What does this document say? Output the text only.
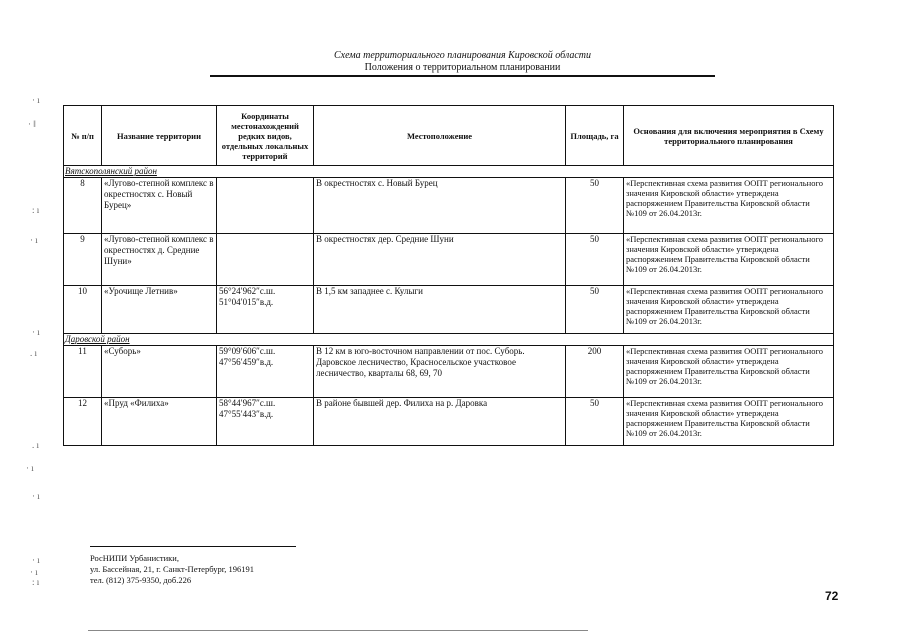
Схема территориального планирования Кировской области
Положения о территориальном планировании
· ı
· ‖
: ı
· ı
· ı
. ı
. ı
· ı
· ı
· ı
· ı
: ı
№ п/п	Название территории	Координаты местонахождений редких видов, отдельных локальных территорий	Местоположение	Площадь, га	Основания для включения мероприятия в Схему территориального планирования
Вятскополянский район					
8	«Лугово-степной комплекс в окрестностях с. Новый Бурец»		В окрестностях с. Новый Бурец	50	«Перспективная схема развития ООПТ регионального значения Кировской области» утверждена распоряжением Правительства Кировской области №109 от 26.04.2013г.
9	«Лугово-степной комплекс в окрестностях д. Средние Шуни»		В окрестностях дер. Средние Шуни	50	«Перспективная схема развития ООПТ регионального значения Кировской области» утверждена распоряжением Правительства Кировской области №109 от 26.04.2013г.
10	«Урочище Летнив»	56°24′962″с.ш. 51°04′015″в.д.	В 1,5 км западнее с. Кулыги	50	«Перспективная схема развития ООПТ регионального значения Кировской области» утверждена распоряжением Правительства Кировской области №109 от 26.04.2013г.
Даровской район					
11	«Суборь»	59°09′606″с.ш. 47°56′459″в.д.	В 12 км в юго-восточном направлении от пос. Суборь. Даровское лесничество, Красносельское участковое лесничество, кварталы 68, 69, 70	200	«Перспективная схема развития ООПТ регионального значения Кировской области» утверждена распоряжением Правительства Кировской области №109 от 26.04.2013г.
12	«Пруд «Филиха»	58°44′967″с.ш. 47°55′443″в.д.	В районе бывшей дер. Филиха на р. Даровка	50	«Перспективная схема развития ООПТ регионального значения Кировской области» утверждена распоряжением Правительства Кировской области №109 от 26.04.2013г.
РосНИПИ Урбанистики,
ул. Бассейная, 21, г. Санкт-Петербург, 196191
тел. (812) 375-9350, доб.226
72
